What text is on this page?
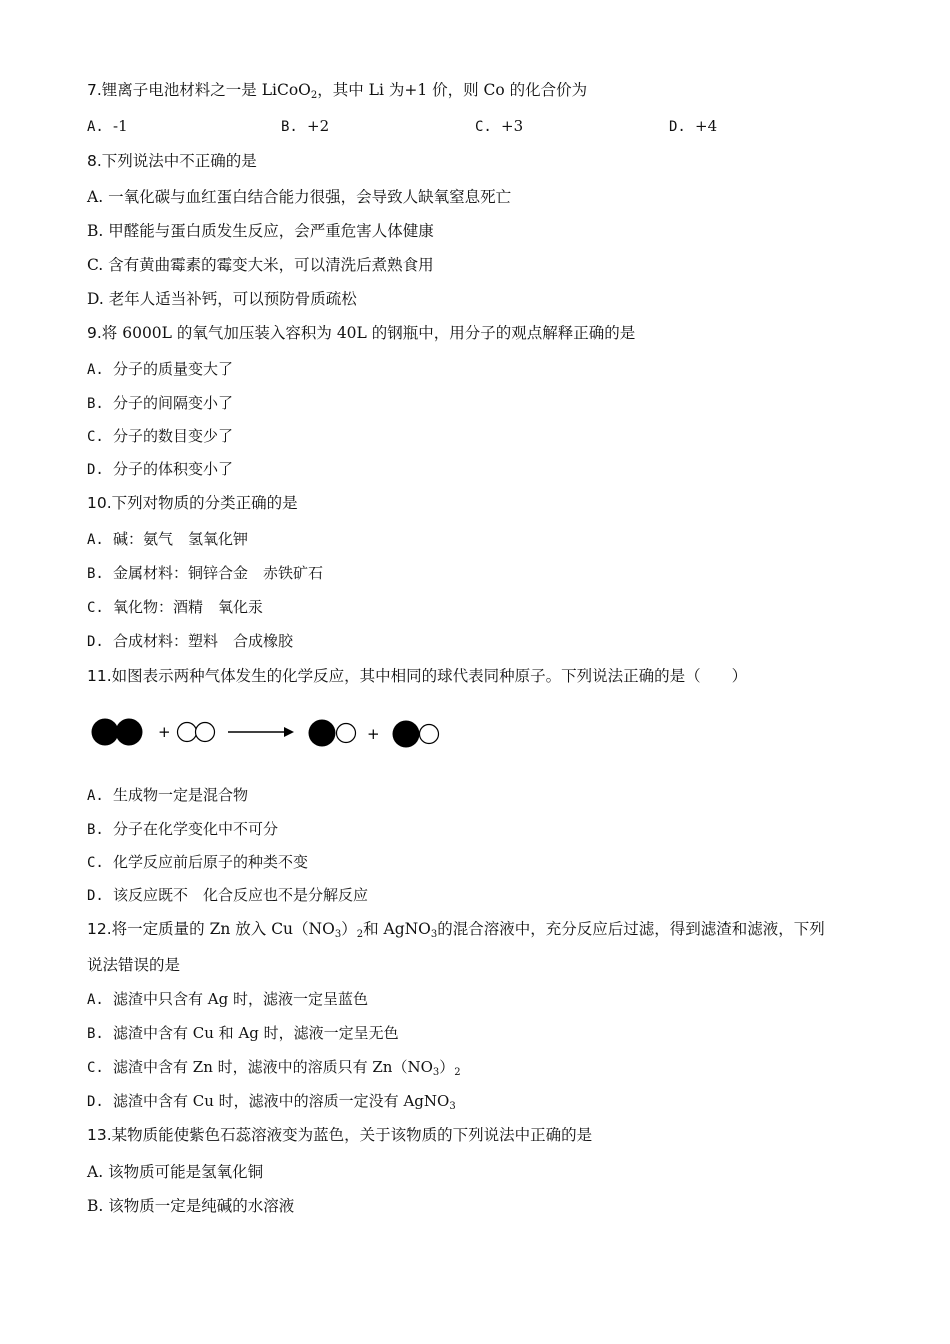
7.锂离子电池材料之一是 LiCoO$_2$，其中 Li 为+1 价，则 Co 的化合价为
A. -1	B. +2	C. +3	D. +4
8.下列说法中不正确的是
A. 一氧化碳与血红蛋白结合能力很强，会导致人缺氧窒息死亡
B. 甲醛能与蛋白质发生反应，会严重危害人体健康
C. 含有黄曲霉素的霉变大米，可以清洗后煮熟食用
D. 老年人适当补钙，可以预防骨质疏松
9.将 6000L 的氧气加压装入容积为 40L 的钢瓶中，用分子的观点解释正确的是
A. 分子的质量变大了
B. 分子的间隔变小了
C. 分子的数目变少了
D. 分子的体积变小了
10.下列对物质的分类正确的是
A. 碱：氨气　氢氧化钾
B. 金属材料：铜锌合金　赤铁矿石
C. 氧化物：酒精　氧化汞
D. 合成材料：塑料　合成橡胶
11.如图表示两种气体发生的化学反应，其中相同的球代表同种原子。下列说法正确的是（　　）
+	+
A. 生成物一定是混合物
B. 分子在化学变化中不可分
C. 化学反应前后原子的种类不变
D. 该反应既不　化合反应也不是分解反应
12.将一定质量的 Zn 放入 $Cu(NO_3)_2$和 AgNO$_3$的混合溶液中，充分反应后过滤，得到滤渣和滤液，下列
说法错误的是
A. 滤渣中只含有 Ag 时，滤液一定呈蓝色
B. 滤渣中含有 Cu 和 Ag 时，滤液一定呈无色
C. 滤渣中含有 Zn 时，滤液中的溶质只有 $Zn(NO_3)_2$
D. 滤渣中含有 Cu 时，滤液中的溶质一定没有 AgNO$_3$
13.某物质能使紫色石蕊溶液变为蓝色，关于该物质的下列说法中正确的是
A. 该物质可能是氢氧化铜
B. 该物质一定是纯碱的水溶液
